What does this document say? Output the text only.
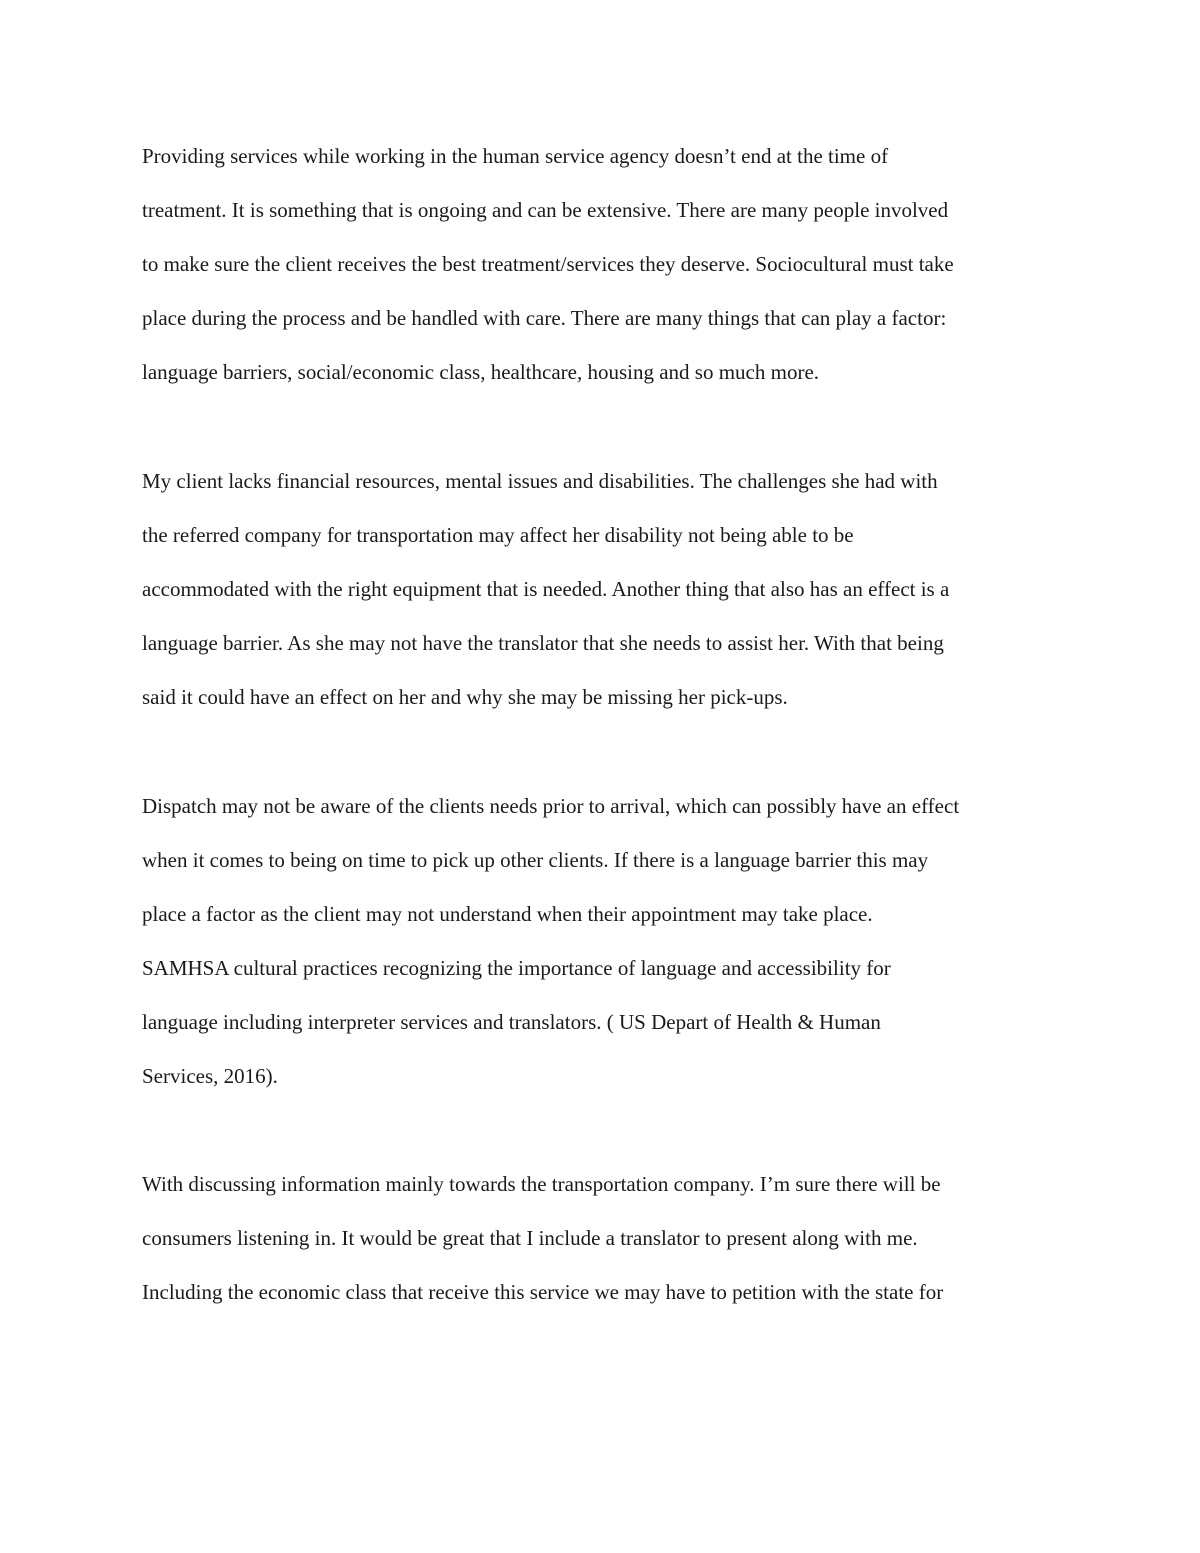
Providing services while working in the human service agency doesn’t end at the time of

treatment. It is something that is ongoing and can be extensive. There are many people involved

to make sure the client receives the best treatment/services they deserve. Sociocultural must take

place during the process and be handled with care. There are many things that can play a factor:

language barriers, social/economic class, healthcare, housing and so much more.

My client lacks financial resources, mental issues and disabilities. The challenges she had with

the referred company for transportation may affect her disability not being able to be

accommodated with the right equipment that is needed. Another thing that also has an effect is a

language barrier. As she may not have the translator that she needs to assist her. With that being

said it could have an effect on her and why she may be missing her pick-ups.

Dispatch may not be aware of the clients needs prior to arrival, which can possibly have an effect

when it comes to being on time to pick up other clients. If there is a language barrier this may

place a factor as the client may not understand when their appointment may take place.

SAMHSA cultural practices recognizing the importance of language and accessibility for

language including interpreter services and translators. ( US Depart of Health & Human

Services, 2016).

With discussing information mainly towards the transportation company. I’m sure there will be

consumers listening in. It would be great that I include a translator to present along with me.

Including the economic class that receive this service we may have to petition with the state for
